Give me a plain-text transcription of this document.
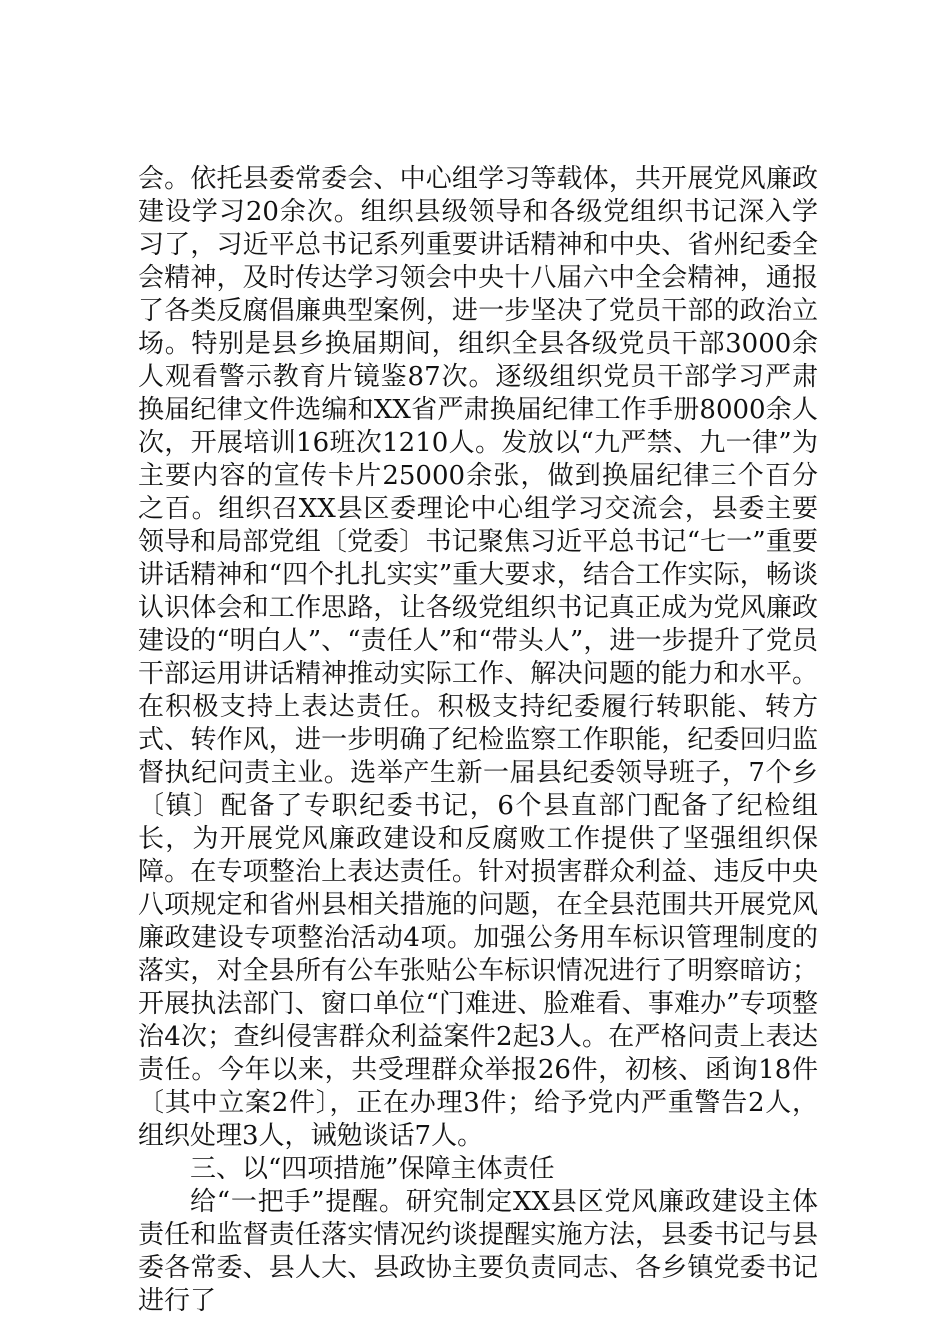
会。依托县委常委会、中心组学习等载体，共开展党风廉政建设学习20余次。组织县级领导和各级党组织书记深入学习了，习近平总书记系列重要讲话精神和中央、省州纪委全会精神，及时传达学习领会中央十八届六中全会精神，通报了各类反腐倡廉典型案例，进一步坚决了党员干部的政治立场。特别是县乡换届期间，组织全县各级党员干部3000余人观看警示教育片镜鉴87次。逐级组织党员干部学习严肃换届纪律文件选编和XX省严肃换届纪律工作手册8000余人次，开展培训16班次1210人。发放以“九严禁、九一律”为主要内容的宣传卡片25000余张，做到换届纪律三个百分之百。组织召XX县区委理论中心组学习交流会，县委主要领导和局部党组〔党委〕书记聚焦习近平总书记“七一”重要讲话精神和“四个扎扎实实”重大要求，结合工作实际，畅谈认识体会和工作思路，让各级党组织书记真正成为党风廉政建设的“明白人”、“责任人”和“带头人”，进一步提升了党员干部运用讲话精神推动实际工作、解决问题的能力和水平。在积极支持上表达责任。积极支持纪委履行转职能、转方式、转作风，进一步明确了纪检监察工作职能，纪委回归监督执纪问责主业。选举产生新一届县纪委领导班子，7个乡〔镇〕配备了专职纪委书记，6个县直部门配备了纪检组长，为开展党风廉政建设和反腐败工作提供了坚强组织保障。在专项整治上表达责任。针对损害群众利益、违反中央八项规定和省州县相关措施的问题，在全县范围共开展党风廉政建设专项整治活动4项。加强公务用车标识管理制度的落实，对全县所有公车张贴公车标识情况进行了明察暗访；开展执法部门、窗口单位“门难进、脸难看、事难办”专项整治4次；查纠侵害群众利益案件2起3人。在严格问责上表达责任。今年以来，共受理群众举报26件，初核、函询18件〔其中立案2件〕，正在办理3件；给予党内严重警告2人，组织处理3人，诫勉谈话7人。

三、以“四项措施”保障主体责任

给“一把手”提醒。研究制定XX县区党风廉政建设主体责任和监督责任落实情况约谈提醒实施方法，县委书记与县委各常委、县人大、县政协主要负责同志、各乡镇党委书记进行了
